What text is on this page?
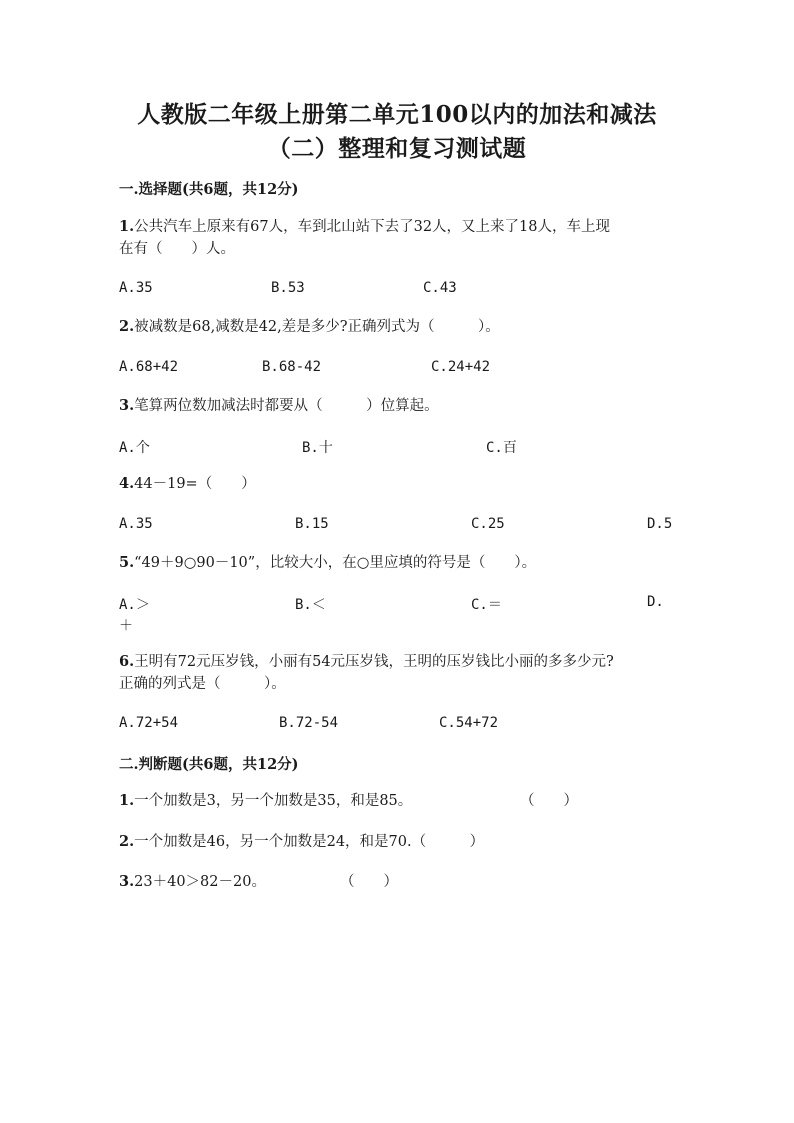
人教版二年级上册第二单元100以内的加法和减法
（二）整理和复习测试题
一.选择题(共6题，共12分)
1.公共汽车上原来有67人，车到北山站下去了32人，又上来了18人，车上现
在有（　　）人。
A.35	B.53	C.43
2.被减数是68,减数是42,差是多少?正确列式为（　　　）。
A.68+42	B.68-42	C.24+42
3.笔算两位数加减法时都要从（　　　）位算起。
A.个	B.十	C.百
4.44－19=（　　）
A.35	B.15	C.25	D.5
5.“49＋9○90－10”，比较大小，在○里应填的符号是（　　）。
A.＞	B.＜	C.＝	D.
＋
6.王明有72元压岁钱，小丽有54元压岁钱，王明的压岁钱比小丽的多多少元?
正确的列式是（　　　）。
A.72+54	B.72-54	C.54+72
二.判断题(共6题，共12分)
1.一个加数是3，另一个加数是35，和是85。	（　　）
2.一个加数是46，另一个加数是24，和是70.（　　　）
3.23＋40＞82－20。	（　　）
